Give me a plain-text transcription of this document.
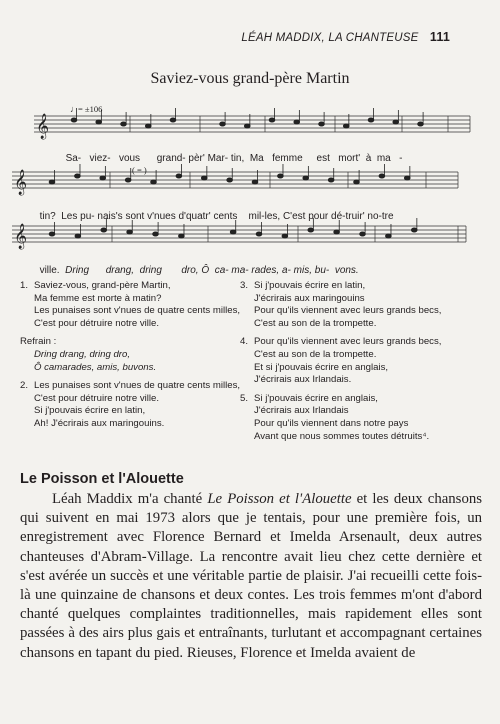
LÉAH MADDIX, LA CHANTEUSE 111
Saviez-vous grand-père Martin
𝄞
𝄞
𝄞
♩ = ±106
( = )

Sa- viez- vous grand- pèr' Mar- tin, Ma femme est mort' à ma -

tin? Les pu- nais's sont v'nues d'quatr' cents mil-les, C'est pour dé-truir' no-tre

ville. Dring drang, dring dro, Ô ca- ma- rades, a- mis, bu- vons.

1. Saviez-vous, grand-père Martin,
Ma femme est morte à matin?
Les punaises sont v'nues de quatre cents milles,
C'est pour détruire notre ville.
Refrain :
Dring drang, dring dro,
Ô camarades, amis, buvons.
2. Les punaises sont v'nues de quatre cents milles,
C'est pour détruire notre ville.
Si j'pouvais écrire en latin,
Ah! J'écrirais aux maringouins.
3. Si j'pouvais écrire en latin,
J'écrirais aux maringouins
Pour qu'ils viennent avec leurs grands becs,
C'est au son de la trompette.
4. Pour qu'ils viennent avec leurs grands becs,
C'est au son de la trompette.
Et si j'pouvais écrire en anglais,
J'écrirais aux Irlandais.
5. Si j'pouvais écrire en anglais,
J'écrirais aux Irlandais
Pour qu'ils viennent dans notre pays
Avant que nous sommes toutes détruits⁴.
Le Poisson et l'Alouette
Léah Maddix m'a chanté Le Poisson et l'Alouette et les deux chansons qui suivent en mai 1973 alors que je tentais, pour une première fois, un enregistrement avec Florence Bernard et Imelda Arsenault, deux autres chanteuses d'Abram-Village. La rencontre avait lieu chez cette dernière et s'est avérée un succès et une véritable partie de plaisir. J'ai recueilli cette fois-là une quinzaine de chansons et deux contes. Les trois femmes m'ont d'abord chanté quelques complaintes traditionnelles, mais rapidement elles sont passées à des airs plus gais et entraînants, turlutant et accompagnant certaines chansons en tapant du pied. Rieuses, Florence et Imelda avaient de
